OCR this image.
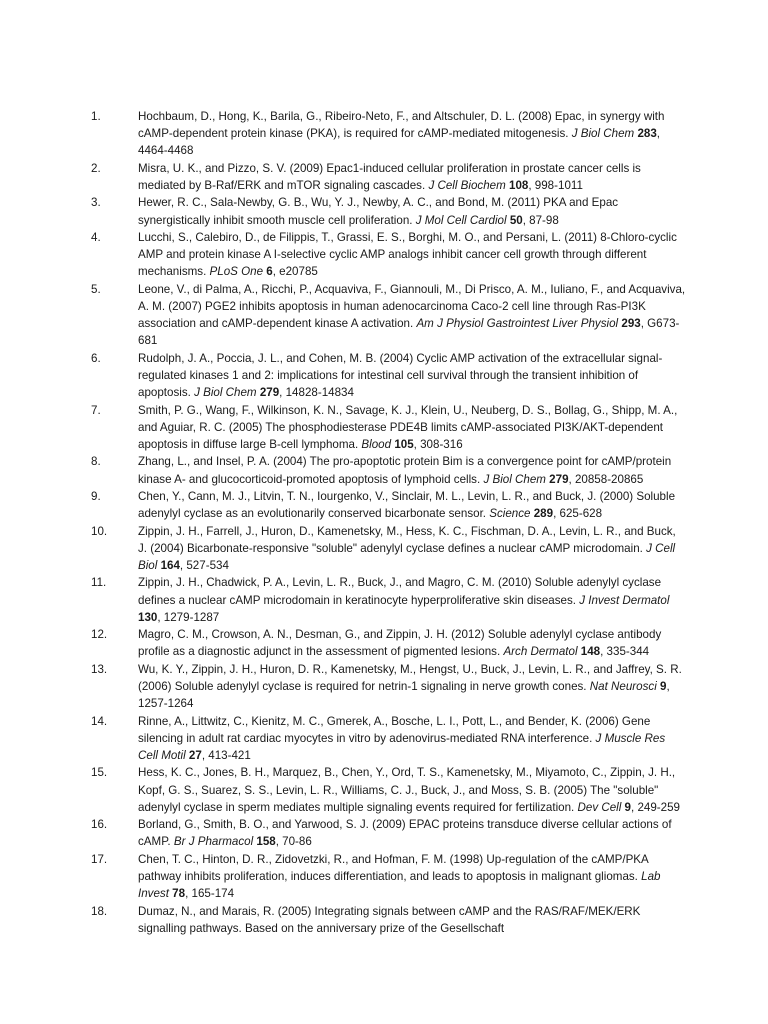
1.	Hochbaum, D., Hong, K., Barila, G., Ribeiro-Neto, F., and Altschuler, D. L. (2008) Epac, in synergy with cAMP-dependent protein kinase (PKA), is required for cAMP-mediated mitogenesis. J Biol Chem 283, 4464-4468
2.	Misra, U. K., and Pizzo, S. V. (2009) Epac1-induced cellular proliferation in prostate cancer cells is mediated by B-Raf/ERK and mTOR signaling cascades. J Cell Biochem 108, 998-1011
3.	Hewer, R. C., Sala-Newby, G. B., Wu, Y. J., Newby, A. C., and Bond, M. (2011) PKA and Epac synergistically inhibit smooth muscle cell proliferation. J Mol Cell Cardiol 50, 87-98
4.	Lucchi, S., Calebiro, D., de Filippis, T., Grassi, E. S., Borghi, M. O., and Persani, L. (2011) 8-Chloro-cyclic AMP and protein kinase A I-selective cyclic AMP analogs inhibit cancer cell growth through different mechanisms. PLoS One 6, e20785
5.	Leone, V., di Palma, A., Ricchi, P., Acquaviva, F., Giannouli, M., Di Prisco, A. M., Iuliano, F., and Acquaviva, A. M. (2007) PGE2 inhibits apoptosis in human adenocarcinoma Caco-2 cell line through Ras-PI3K association and cAMP-dependent kinase A activation. Am J Physiol Gastrointest Liver Physiol 293, G673-681
6.	Rudolph, J. A., Poccia, J. L., and Cohen, M. B. (2004) Cyclic AMP activation of the extracellular signal-regulated kinases 1 and 2: implications for intestinal cell survival through the transient inhibition of apoptosis. J Biol Chem 279, 14828-14834
7.	Smith, P. G., Wang, F., Wilkinson, K. N., Savage, K. J., Klein, U., Neuberg, D. S., Bollag, G., Shipp, M. A., and Aguiar, R. C. (2005) The phosphodiesterase PDE4B limits cAMP-associated PI3K/AKT-dependent apoptosis in diffuse large B-cell lymphoma. Blood 105, 308-316
8.	Zhang, L., and Insel, P. A. (2004) The pro-apoptotic protein Bim is a convergence point for cAMP/protein kinase A- and glucocorticoid-promoted apoptosis of lymphoid cells. J Biol Chem 279, 20858-20865
9.	Chen, Y., Cann, M. J., Litvin, T. N., Iourgenko, V., Sinclair, M. L., Levin, L. R., and Buck, J. (2000) Soluble adenylyl cyclase as an evolutionarily conserved bicarbonate sensor. Science 289, 625-628
10.	Zippin, J. H., Farrell, J., Huron, D., Kamenetsky, M., Hess, K. C., Fischman, D. A., Levin, L. R., and Buck, J. (2004) Bicarbonate-responsive "soluble" adenylyl cyclase defines a nuclear cAMP microdomain. J Cell Biol 164, 527-534
11.	Zippin, J. H., Chadwick, P. A., Levin, L. R., Buck, J., and Magro, C. M. (2010) Soluble adenylyl cyclase defines a nuclear cAMP microdomain in keratinocyte hyperproliferative skin diseases. J Invest Dermatol 130, 1279-1287
12.	Magro, C. M., Crowson, A. N., Desman, G., and Zippin, J. H. (2012) Soluble adenylyl cyclase antibody profile as a diagnostic adjunct in the assessment of pigmented lesions. Arch Dermatol 148, 335-344
13.	Wu, K. Y., Zippin, J. H., Huron, D. R., Kamenetsky, M., Hengst, U., Buck, J., Levin, L. R., and Jaffrey, S. R. (2006) Soluble adenylyl cyclase is required for netrin-1 signaling in nerve growth cones. Nat Neurosci 9, 1257-1264
14.	Rinne, A., Littwitz, C., Kienitz, M. C., Gmerek, A., Bosche, L. I., Pott, L., and Bender, K. (2006) Gene silencing in adult rat cardiac myocytes in vitro by adenovirus-mediated RNA interference. J Muscle Res Cell Motil 27, 413-421
15.	Hess, K. C., Jones, B. H., Marquez, B., Chen, Y., Ord, T. S., Kamenetsky, M., Miyamoto, C., Zippin, J. H., Kopf, G. S., Suarez, S. S., Levin, L. R., Williams, C. J., Buck, J., and Moss, S. B. (2005) The "soluble" adenylyl cyclase in sperm mediates multiple signaling events required for fertilization. Dev Cell 9, 249-259
16.	Borland, G., Smith, B. O., and Yarwood, S. J. (2009) EPAC proteins transduce diverse cellular actions of cAMP. Br J Pharmacol 158, 70-86
17.	Chen, T. C., Hinton, D. R., Zidovetzki, R., and Hofman, F. M. (1998) Up-regulation of the cAMP/PKA pathway inhibits proliferation, induces differentiation, and leads to apoptosis in malignant gliomas. Lab Invest 78, 165-174
18.	Dumaz, N., and Marais, R. (2005) Integrating signals between cAMP and the RAS/RAF/MEK/ERK signalling pathways. Based on the anniversary prize of the Gesellschaft
